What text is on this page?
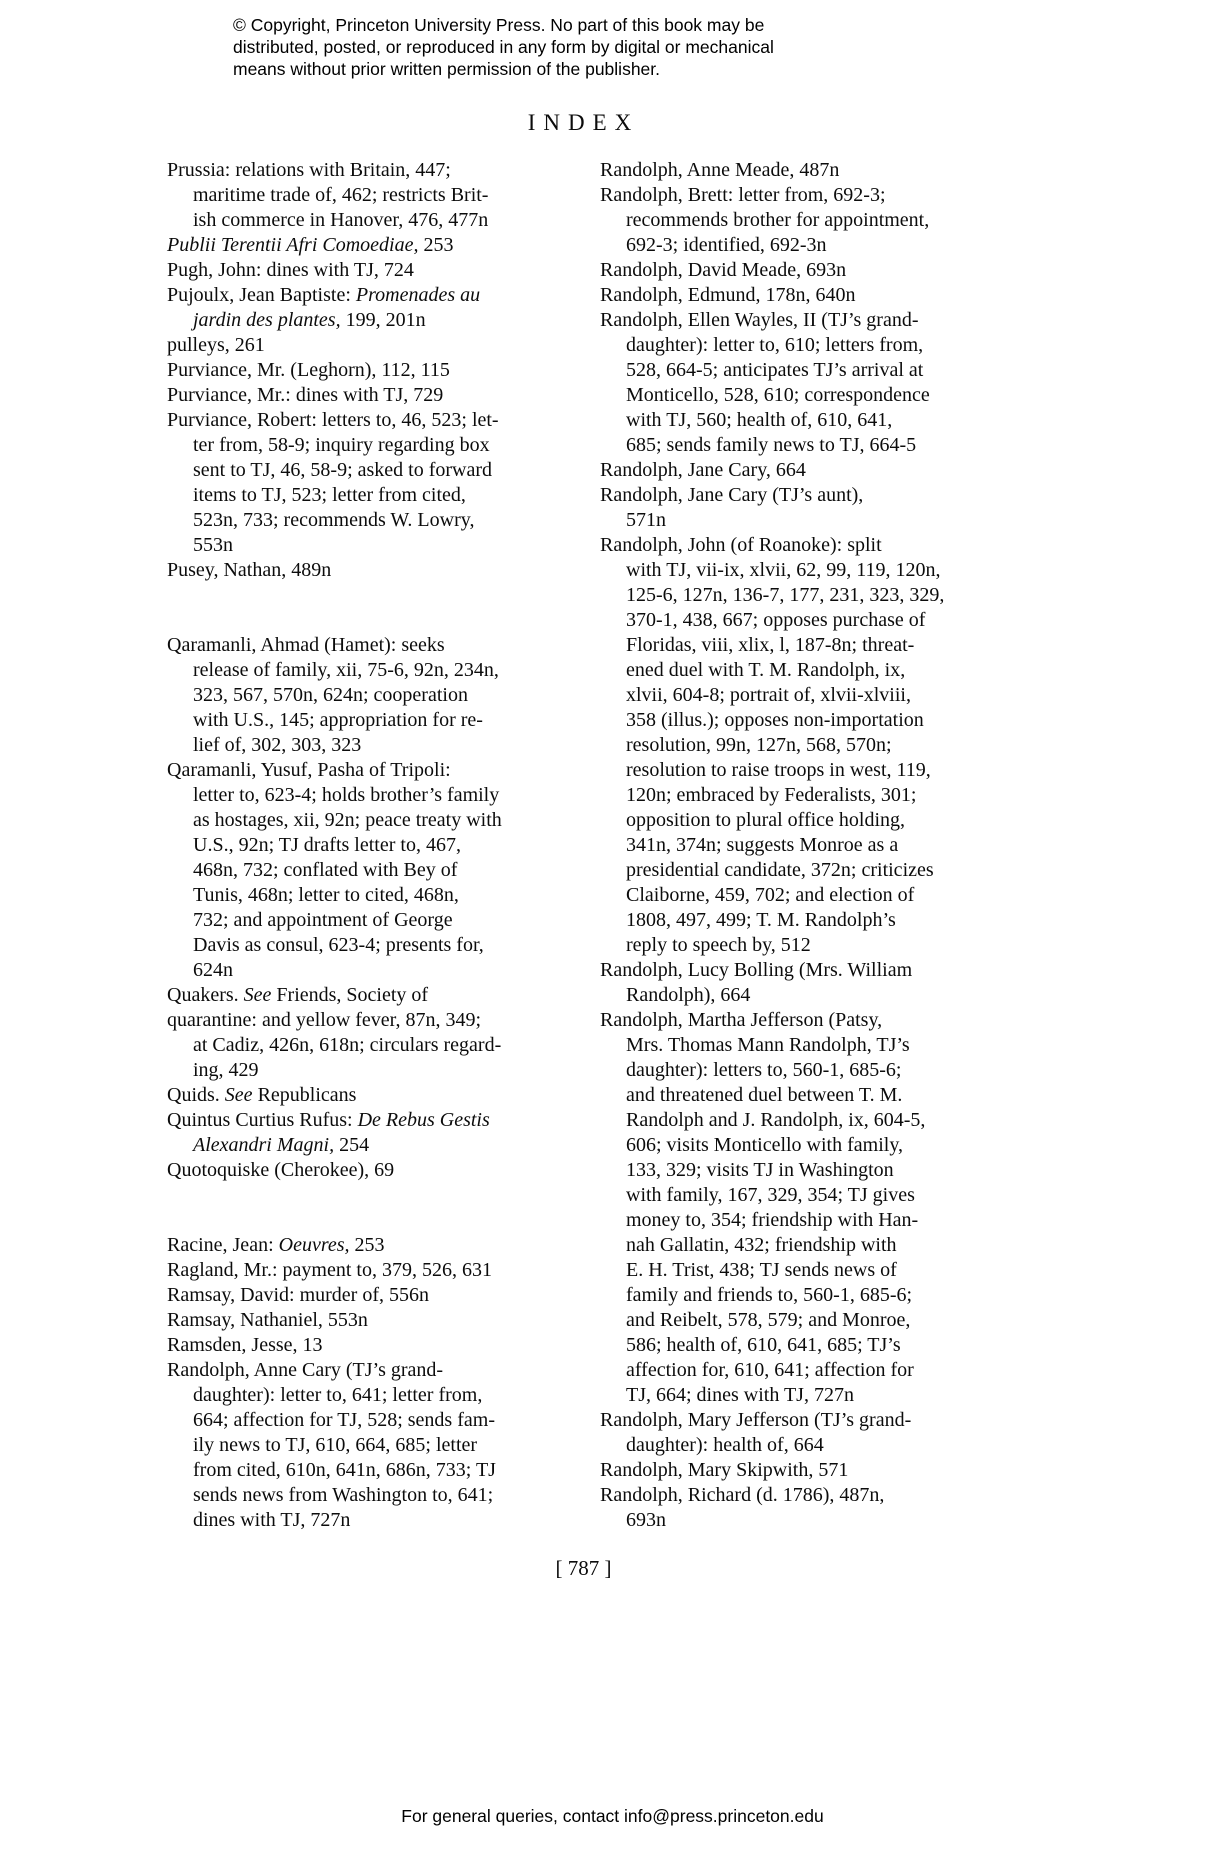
© Copyright, Princeton University Press. No part of this book may be
distributed, posted, or reproduced in any form by digital or mechanical
means without prior written permission of the publisher.
INDEX
Prussia: relations with Britain, 447;
maritime trade of, 462; restricts Brit-
ish commerce in Hanover, 476, 477n
Publii Terentii Afri Comoediae, 253
Pugh, John: dines with TJ, 724
Pujoulx, Jean Baptiste: Promenades au
jardin des plantes, 199, 201n
pulleys, 261
Purviance, Mr. (Leghorn), 112, 115
Purviance, Mr.: dines with TJ, 729
Purviance, Robert: letters to, 46, 523; let-
ter from, 58-9; inquiry regarding box
sent to TJ, 46, 58-9; asked to forward
items to TJ, 523; letter from cited,
523n, 733; recommends W. Lowry,
553n
Pusey, Nathan, 489n
Qaramanli, Ahmad (Hamet): seeks
release of family, xii, 75-6, 92n, 234n,
323, 567, 570n, 624n; cooperation
with U.S., 145; appropriation for re-
lief of, 302, 303, 323
Qaramanli, Yusuf, Pasha of Tripoli:
letter to, 623-4; holds brother’s family
as hostages, xii, 92n; peace treaty with
U.S., 92n; TJ drafts letter to, 467,
468n, 732; conflated with Bey of
Tunis, 468n; letter to cited, 468n,
732; and appointment of George
Davis as consul, 623-4; presents for,
624n
Quakers. See Friends, Society of
quarantine: and yellow fever, 87n, 349;
at Cadiz, 426n, 618n; circulars regard-
ing, 429
Quids. See Republicans
Quintus Curtius Rufus: De Rebus Gestis
Alexandri Magni, 254
Quotoquiske (Cherokee), 69
Racine, Jean: Oeuvres, 253
Ragland, Mr.: payment to, 379, 526, 631
Ramsay, David: murder of, 556n
Ramsay, Nathaniel, 553n
Ramsden, Jesse, 13
Randolph, Anne Cary (TJ’s grand-
daughter): letter to, 641; letter from,
664; affection for TJ, 528; sends fam-
ily news to TJ, 610, 664, 685; letter
from cited, 610n, 641n, 686n, 733; TJ
sends news from Washington to, 641;
dines with TJ, 727n
Randolph, Anne Meade, 487n
Randolph, Brett: letter from, 692-3;
recommends brother for appointment,
692-3; identified, 692-3n
Randolph, David Meade, 693n
Randolph, Edmund, 178n, 640n
Randolph, Ellen Wayles, II (TJ’s grand-
daughter): letter to, 610; letters from,
528, 664-5; anticipates TJ’s arrival at
Monticello, 528, 610; correspondence
with TJ, 560; health of, 610, 641,
685; sends family news to TJ, 664-5
Randolph, Jane Cary, 664
Randolph, Jane Cary (TJ’s aunt),
571n
Randolph, John (of Roanoke): split
with TJ, vii-ix, xlvii, 62, 99, 119, 120n,
125-6, 127n, 136-7, 177, 231, 323, 329,
370-1, 438, 667; opposes purchase of
Floridas, viii, xlix, l, 187-8n; threat-
ened duel with T. M. Randolph, ix,
xlvii, 604-8; portrait of, xlvii-xlviii,
358 (illus.); opposes non-importation
resolution, 99n, 127n, 568, 570n;
resolution to raise troops in west, 119,
120n; embraced by Federalists, 301;
opposition to plural office holding,
341n, 374n; suggests Monroe as a
presidential candidate, 372n; criticizes
Claiborne, 459, 702; and election of
1808, 497, 499; T. M. Randolph’s
reply to speech by, 512
Randolph, Lucy Bolling (Mrs. William
Randolph), 664
Randolph, Martha Jefferson (Patsy,
Mrs. Thomas Mann Randolph, TJ’s
daughter): letters to, 560-1, 685-6;
and threatened duel between T. M.
Randolph and J. Randolph, ix, 604-5,
606; visits Monticello with family,
133, 329; visits TJ in Washington
with family, 167, 329, 354; TJ gives
money to, 354; friendship with Han-
nah Gallatin, 432; friendship with
E. H. Trist, 438; TJ sends news of
family and friends to, 560-1, 685-6;
and Reibelt, 578, 579; and Monroe,
586; health of, 610, 641, 685; TJ’s
affection for, 610, 641; affection for
TJ, 664; dines with TJ, 727n
Randolph, Mary Jefferson (TJ’s grand-
daughter): health of, 664
Randolph, Mary Skipwith, 571
Randolph, Richard (d. 1786), 487n,
693n
[ 787 ]
For general queries, contact info@press.princeton.edu
